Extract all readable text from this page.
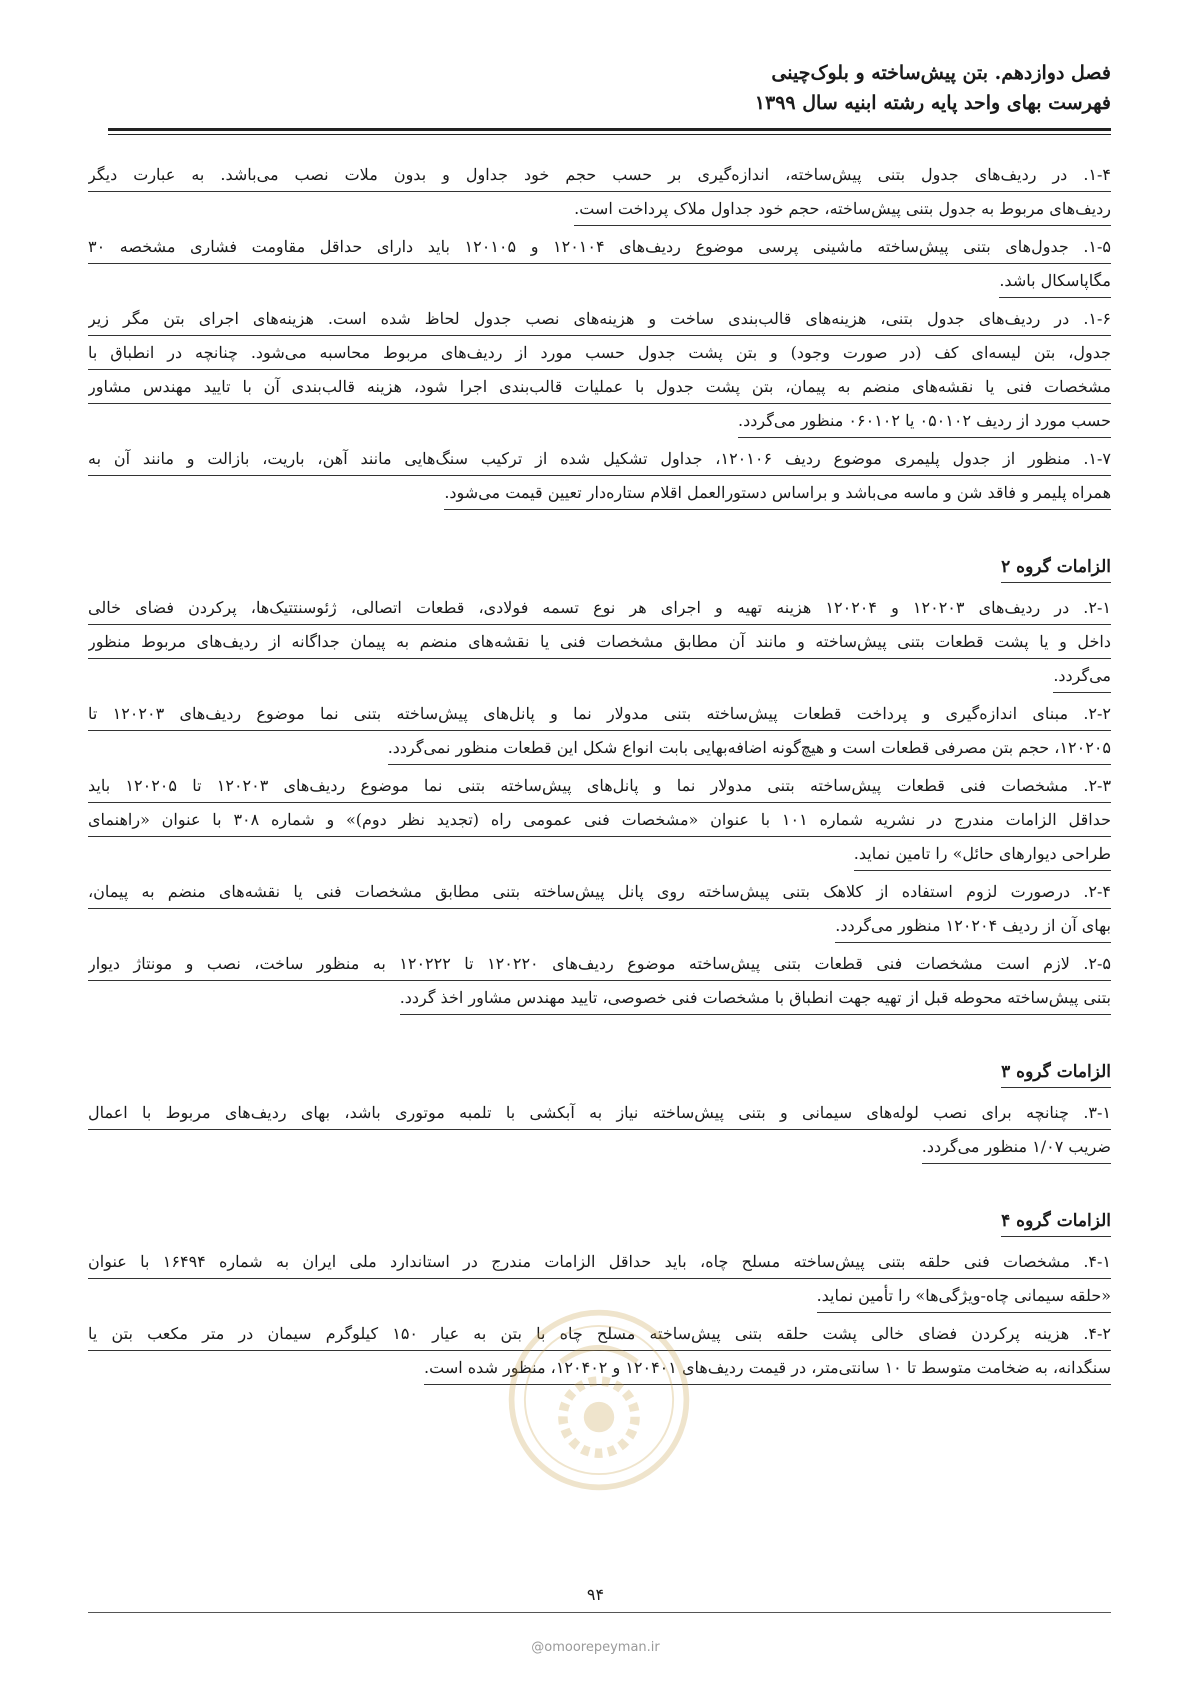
فصل دوازدهم. بتن پیش‌ساخته و بلوک‌چینی
فهرست بهای واحد پایه رشته ابنیه سال ۱۳۹۹
۱-۴. در ردیف‌های جدول بتنی پیش‌ساخته، اندازه‌گیری بر حسب حجم خود جداول و بدون ملات نصب می‌باشد. به عبارت دیگر
ردیف‌های مربوط به جدول بتنی پیش‌ساخته، حجم خود جداول ملاک پرداخت است.
۱-۵. جدول‌های بتنی پیش‌ساخته ماشینی پرسی موضوع ردیف‌های ۱۲۰۱۰۴ و ۱۲۰۱۰۵ باید دارای حداقل مقاومت فشاری مشخصه ۳۰
مگاپاسکال باشد.
۱-۶. در ردیف‌های جدول بتنی، هزینه‌های قالب‌بندی ساخت و هزینه‌های نصب جدول لحاظ شده است. هزینه‌های اجرای بتن مگر زیر
جدول، بتن لیسه‌ای کف (در صورت وجود) و بتن پشت جدول حسب مورد از ردیف‌های مربوط محاسبه می‌شود. چنانچه در انطباق با
مشخصات فنی یا نقشه‌های منضم به پیمان، بتن پشت جدول با عملیات قالب‌بندی اجرا شود، هزینه قالب‌بندی آن با تایید مهندس مشاور
حسب مورد از ردیف ۰۵۰۱۰۲ یا ۰۶۰۱۰۲ منظور می‌گردد.
۱-۷. منظور از جدول پلیمری موضوع ردیف ۱۲۰۱۰۶، جداول تشکیل شده از ترکیب سنگ‌هایی مانند آهن، باریت، بازالت و مانند آن به
همراه پلیمر و فاقد شن و ماسه می‌باشد و براساس دستورالعمل اقلام ستاره‌دار تعیین قیمت می‌شود.
الزامات گروه ۲
۲-۱. در ردیف‌های ۱۲۰۲۰۳ و ۱۲۰۲۰۴ هزینه تهیه و اجرای هر نوع تسمه فولادی، قطعات اتصالی، ژئوسنتتیک‌ها، پرکردن فضای خالی
داخل و یا پشت قطعات بتنی پیش‌ساخته و مانند آن مطابق مشخصات فنی یا نقشه‌های منضم به پیمان جداگانه از ردیف‌های مربوط منظور
می‌گردد.
۲-۲. مبنای اندازه‌گیری و پرداخت قطعات پیش‌ساخته بتنی مدولار نما و پانل‌های پیش‌ساخته بتنی نما موضوع ردیف‌های ۱۲۰۲۰۳ تا
۱۲۰۲۰۵، حجم بتن مصرفی قطعات است و هیچ‌گونه اضافه‌بهایی بابت انواع شکل این قطعات منظور نمی‌گردد.
۲-۳. مشخصات فنی قطعات پیش‌ساخته بتنی مدولار نما و پانل‌های پیش‌ساخته بتنی نما موضوع ردیف‌های ۱۲۰۲۰۳ تا ۱۲۰۲۰۵ باید
حداقل الزامات مندرج در نشریه شماره ۱۰۱ با عنوان «مشخصات فنی عمومی راه (تجدید نظر دوم)» و شماره ۳۰۸ با عنوان «راهنمای
طراحی دیوارهای حائل» را تامین نماید.
۲-۴. درصورت لزوم استفاده از کلاهک بتنی پیش‌ساخته روی پانل پیش‌ساخته بتنی مطابق مشخصات فنی یا نقشه‌های منضم به پیمان،
بهای آن از ردیف ۱۲۰۲۰۴ منظور می‌گردد.
۲-۵. لازم است مشخصات فنی قطعات بتنی پیش‌ساخته موضوع ردیف‌های ۱۲۰۲۲۰ تا ۱۲۰۲۲۲ به منظور ساخت، نصب و مونتاژ دیوار
بتنی پیش‌ساخته محوطه قبل از تهیه جهت انطباق با مشخصات فنی خصوصی، تایید مهندس مشاور اخذ گردد.
الزامات گروه ۳
۳-۱. چنانچه برای نصب لوله‌های سیمانی و بتنی پیش‌ساخته نیاز به آبکشی با تلمبه موتوری باشد، بهای ردیف‌های مربوط با اعمال
ضریب ۱/۰۷ منظور می‌گردد.
الزامات گروه ۴
۴-۱. مشخصات فنی حلقه بتنی پیش‌ساخته مسلح چاه، باید حداقل الزامات مندرج در استاندارد ملی ایران به شماره ۱۶۴۹۴ با عنوان
«حلقه سیمانی چاه-ویژگی‌ها» را تأمین نماید.
۴-۲. هزینه پرکردن فضای خالی پشت حلقه بتنی پیش‌ساخته مسلح چاه با بتن به عیار ۱۵۰ کیلوگرم سیمان در متر مکعب بتن یا
سنگدانه، به ضخامت متوسط تا ۱۰ سانتی‌متر، در قیمت ردیف‌های ۱۲۰۴۰۱ و ۱۲۰۴۰۲، منظور شده است.
۹۴
@omoorepeyman.ir
